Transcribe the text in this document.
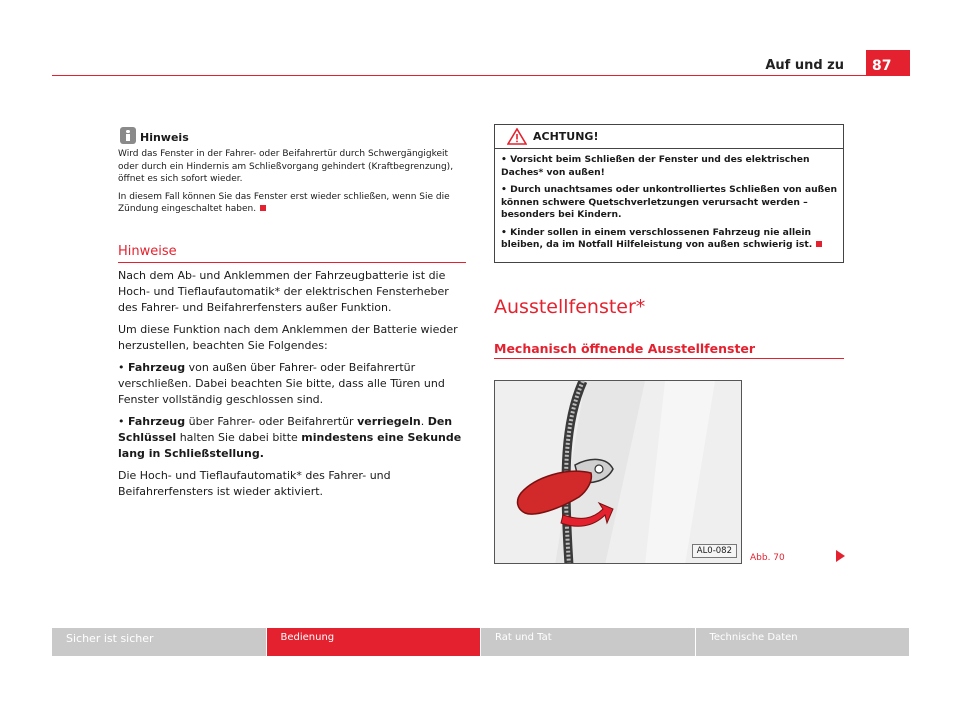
Auf und zu	87
Hinweis

Wird das Fenster in der Fahrer- oder Beifahrertür durch Schwergängigkeit oder durch ein Hindernis am Schließvorgang gehindert (Kraftbegrenzung), öffnet es sich sofort wieder.

In diesem Fall können Sie das Fenster erst wieder schließen, wenn Sie die Zündung eingeschaltet haben.

Hinweise

Nach dem Ab- und Anklemmen der Fahrzeugbatterie ist die Hoch- und Tieflaufautomatik* der elektrischen Fensterheber des Fahrer- und Beifahrerfensters außer Funktion.

Um diese Funktion nach dem Anklemmen der Batterie wieder herzustellen, beachten Sie Folgendes:

• Fahrzeug von außen über Fahrer- oder Beifahrertür verschließen. Dabei beachten Sie bitte, dass alle Türen und Fenster vollständig geschlossen sind.

• Fahrzeug über Fahrer- oder Beifahrertür verriegeln. Den Schlüssel halten Sie dabei bitte mindestens eine Sekunde lang in Schließstellung.

Die Hoch- und Tieflaufautomatik* des Fahrer- und Beifahrerfensters ist wieder aktiviert.

ACHTUNG!

• Vorsicht beim Schließen der Fenster und des elektrischen Daches* von außen!

• Durch unachtsames oder unkontrolliertes Schließen von außen können schwere Quetschverletzungen verursacht werden – besonders bei Kindern.

• Kinder sollen in einem verschlossenen Fahrzeug nie allein bleiben, da im Notfall Hilfeleistung von außen schwierig ist.

Ausstellfenster*
Mechanisch öffnende Ausstellfenster
AL0-082
Abb. 70
Sicher ist sicher	Bedienung	Rat und Tat	Technische Daten
